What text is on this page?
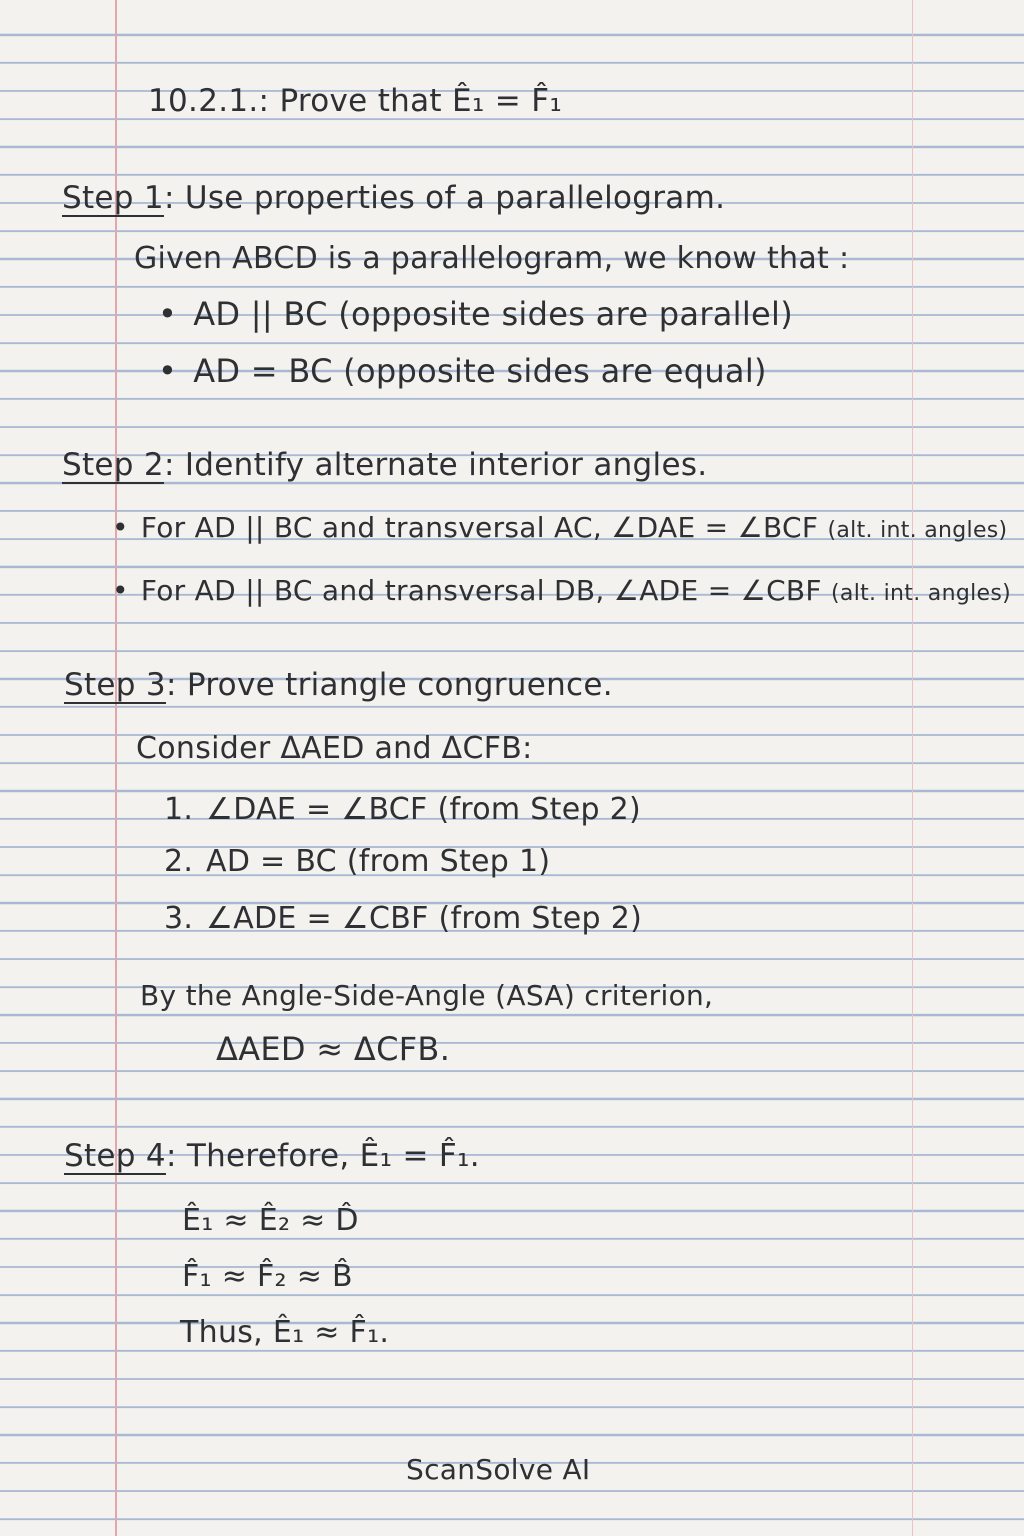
10.2.1.: Prove that Ê₁ = F̂₁
Step 1: Use properties of a parallelogram.
Given ABCD is a parallelogram, we know that :
• AD || BC (opposite sides are parallel)
• AD = BC (opposite sides are equal)
Step 2: Identify alternate interior angles.
• For AD || BC and transversal AC, ∠DAE = ∠BCF (alt. int. angles)
• For AD || BC and transversal DB, ∠ADE = ∠CBF (alt. int. angles)
Step 3: Prove triangle congruence.
Consider ΔAED and ΔCFB:
1. ∠DAE = ∠BCF (from Step 2)
2. AD = BC (from Step 1)
3. ∠ADE = ∠CBF (from Step 2)
By the Angle-Side-Angle (ASA) criterion,
ΔAED ≈ ΔCFB.
Step 4: Therefore, Ê₁ = F̂₁.
Ê₁ ≈ Ê₂ ≈ D̂
F̂₁ ≈ F̂₂ ≈ B̂
Thus, Ê₁ ≈ F̂₁.
ScanSolve AI
